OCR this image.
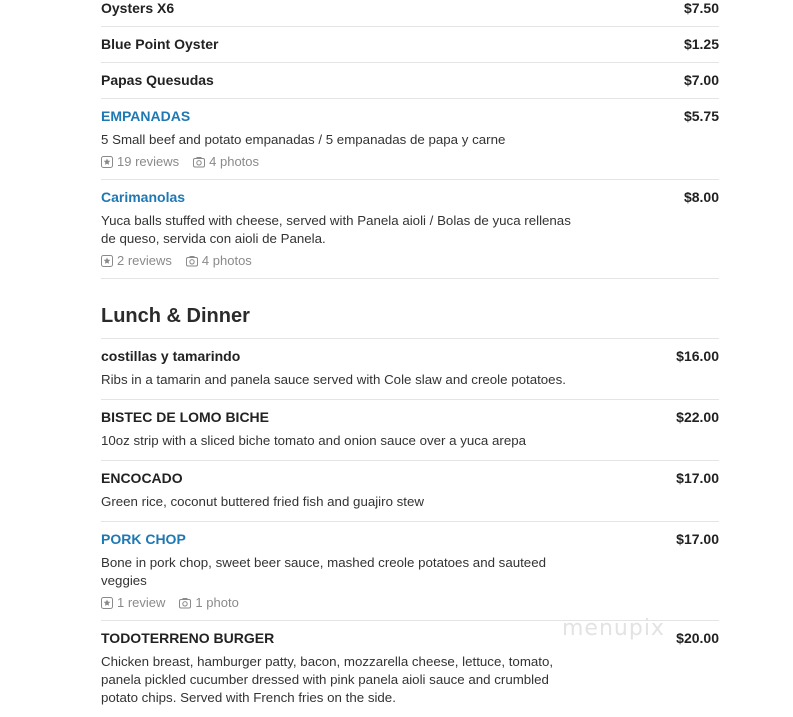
Oysters X6	$7.50
Blue Point Oyster	$1.25
Papas Quesudas	$7.00
EMPANADAS	$5.75
5 Small beef and potato empanadas / 5 empanadas de papa y carne
19 reviews 4 photos
Carimanolas	$8.00
Yuca balls stuffed with cheese, served with Panela aioli / Bolas de yuca rellenas de queso, servida con aioli de Panela.
2 reviews 4 photos
Lunch & Dinner
costillas y tamarindo	$16.00
Ribs in a tamarin and panela sauce served with Cole slaw and creole potatoes.
BISTEC DE LOMO BICHE	$22.00
10oz strip with a sliced biche tomato and onion sauce over a yuca arepa
ENCOCADO	$17.00
Green rice, coconut buttered fried fish and guajiro stew
PORK CHOP	$17.00
Bone in pork chop, sweet beer sauce, mashed creole potatoes and sauteed veggies
1 review 1 photo
TODOTERRENO BURGER	$20.00
Chicken breast, hamburger patty, bacon, mozzarella cheese, lettuce, tomato, panela pickled cucumber dressed with pink panela aioli sauce and crumbled potato chips. Served with French fries on the side.
menupix
